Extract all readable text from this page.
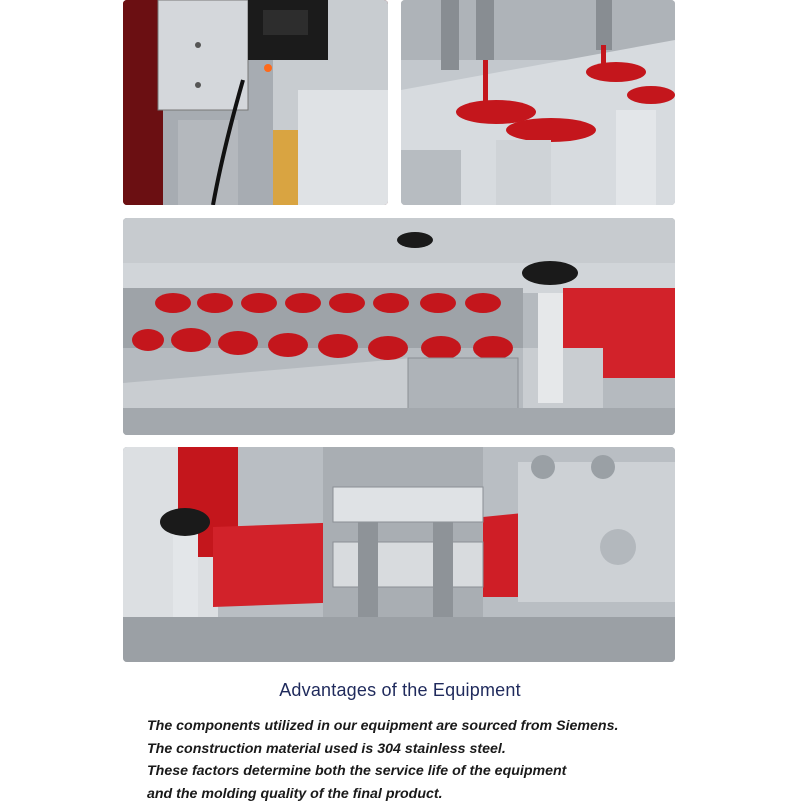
Advantages of the Equipment
The components utilized in our equipment are sourced from Siemens.
The construction material used is 304 stainless steel.
These factors determine both the service life of the equipment
and the molding quality of the final product.
